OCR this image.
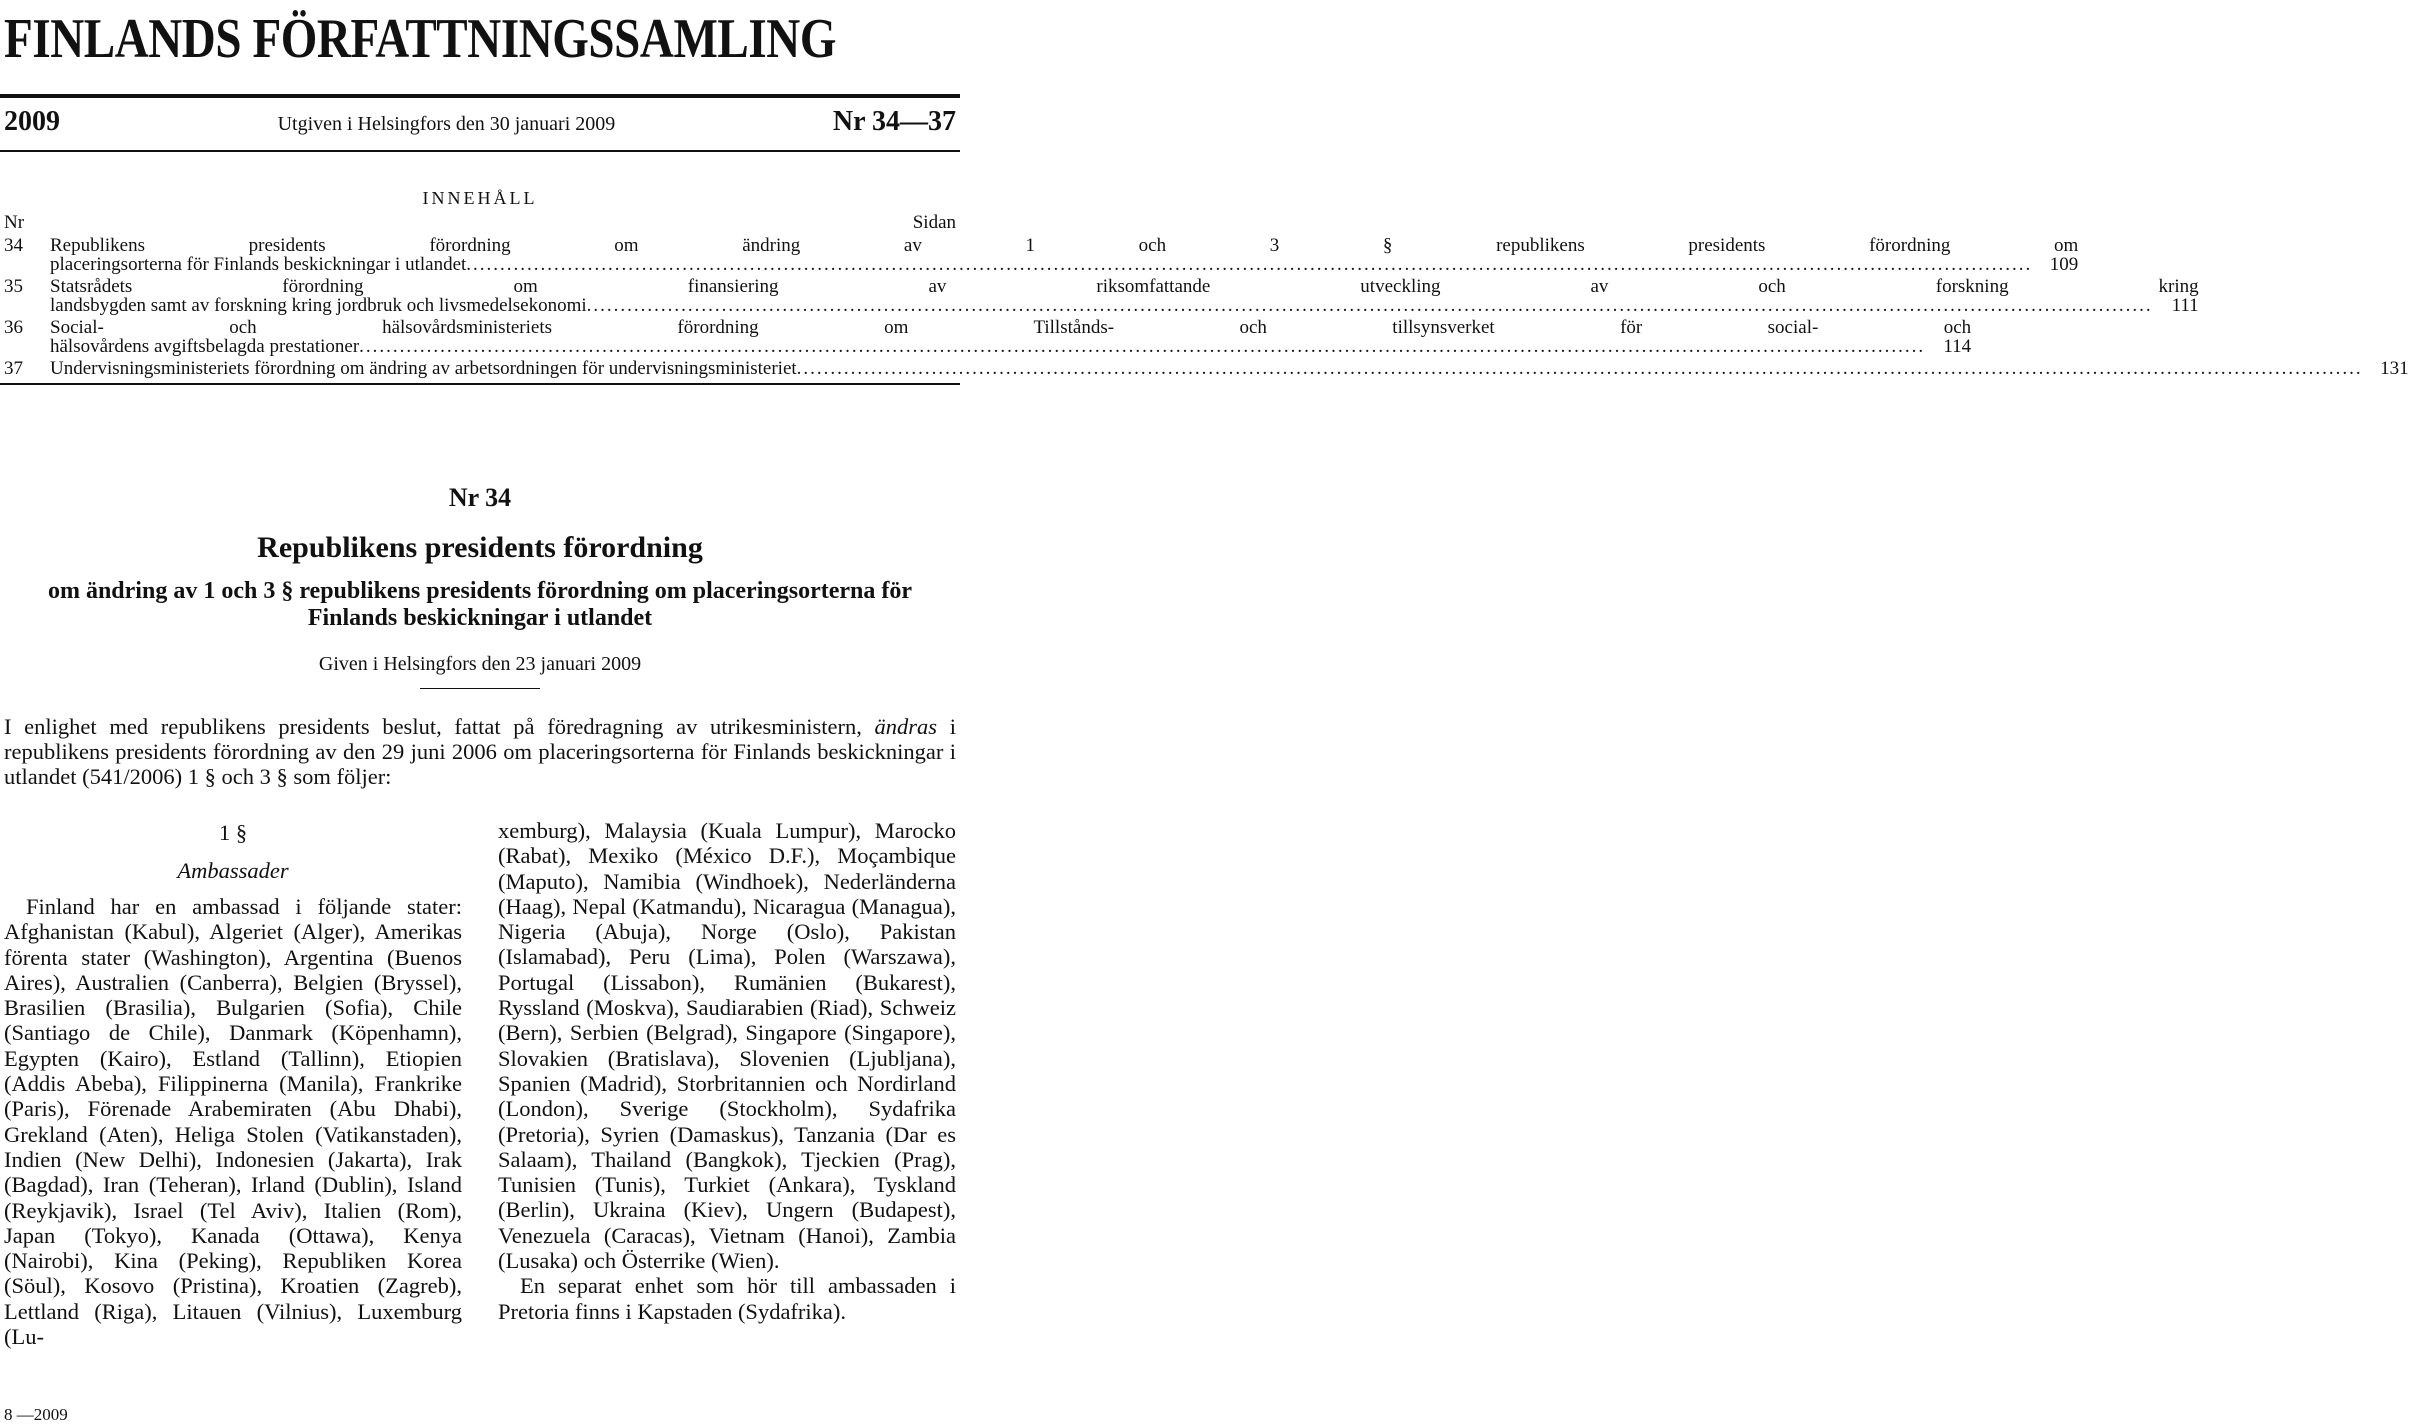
FINLANDS FÖRFATTNINGSSAMLING
2009	Utgiven i Helsingfors den 30 januari 2009	Nr 34—37
INNEHÅLL
Nr	Sidan
34	Republikens presidents förordning om ändring av 1 och 3 § republikens presidents förordning om
placeringsorterna för Finlands beskickningar i utlandet .....	109
35	Statsrådets förordning om finansiering av riksomfattande utveckling av och forskning kring
landsbygden samt av forskning kring jordbruk och livsmedelsekonomi .....	111
36	Social- och hälsovårdsministeriets förordning om Tillstånds- och tillsynsverket för social- och
hälsovårdens avgiftsbelagda prestationer .....	114
37	Undervisningsministeriets förordning om ändring av arbetsordningen för undervisningsministeriet .....	131
Nr 34
Republikens presidents förordning
om ändring av 1 och 3 § republikens presidents förordning om placeringsorterna för
Finlands beskickningar i utlandet
Given i Helsingfors den 23 januari 2009
I enlighet med republikens presidents beslut, fattat på föredragning av utrikesministern, ändras i republikens presidents förordning av den 29 juni 2006 om placeringsorterna för Finlands beskickningar i utlandet (541/2006) 1 § och 3 § som följer:
1 §
Ambassader
Finland har en ambassad i följande stater: Afghanistan (Kabul), Algeriet (Alger), Amerikas förenta stater (Washington), Argentina (Buenos Aires), Australien (Canberra), Belgien (Bryssel), Brasilien (Brasilia), Bulgarien (Sofia), Chile (Santiago de Chile), Danmark (Köpenhamn), Egypten (Kairo), Estland (Tallinn), Etiopien (Addis Abeba), Filippinerna (Manila), Frankrike (Paris), Förenade Arabemiraten (Abu Dhabi), Grekland (Aten), Heliga Stolen (Vatikanstaden), Indien (New Delhi), Indonesien (Jakarta), Irak (Bagdad), Iran (Teheran), Irland (Dublin), Island (Reykjavik), Israel (Tel Aviv), Italien (Rom), Japan (Tokyo), Kanada (Ottawa), Kenya (Nairobi), Kina (Peking), Republiken Korea (Söul), Kosovo (Pristina), Kroatien (Zagreb), Lettland (Riga), Litauen (Vilnius), Luxemburg (Lu-
xemburg), Malaysia (Kuala Lumpur), Marocko (Rabat), Mexiko (México D.F.), Moçambique (Maputo), Namibia (Windhoek), Nederländerna (Haag), Nepal (Katmandu), Nicaragua (Managua), Nigeria (Abuja), Norge (Oslo), Pakistan (Islamabad), Peru (Lima), Polen (Warszawa), Portugal (Lissabon), Rumänien (Bukarest), Ryssland (Moskva), Saudiarabien (Riad), Schweiz (Bern), Serbien (Belgrad), Singapore (Singapore), Slovakien (Bratislava), Slovenien (Ljubljana), Spanien (Madrid), Storbritannien och Nordirland (London), Sverige (Stockholm), Sydafrika (Pretoria), Syrien (Damaskus), Tanzania (Dar es Salaam), Thailand (Bangkok), Tjeckien (Prag), Tunisien (Tunis), Turkiet (Ankara), Tyskland (Berlin), Ukraina (Kiev), Ungern (Budapest), Venezuela (Caracas), Vietnam (Hanoi), Zambia (Lusaka) och Österrike (Wien).
En separat enhet som hör till ambassaden i Pretoria finns i Kapstaden (Sydafrika).
8 —2009
